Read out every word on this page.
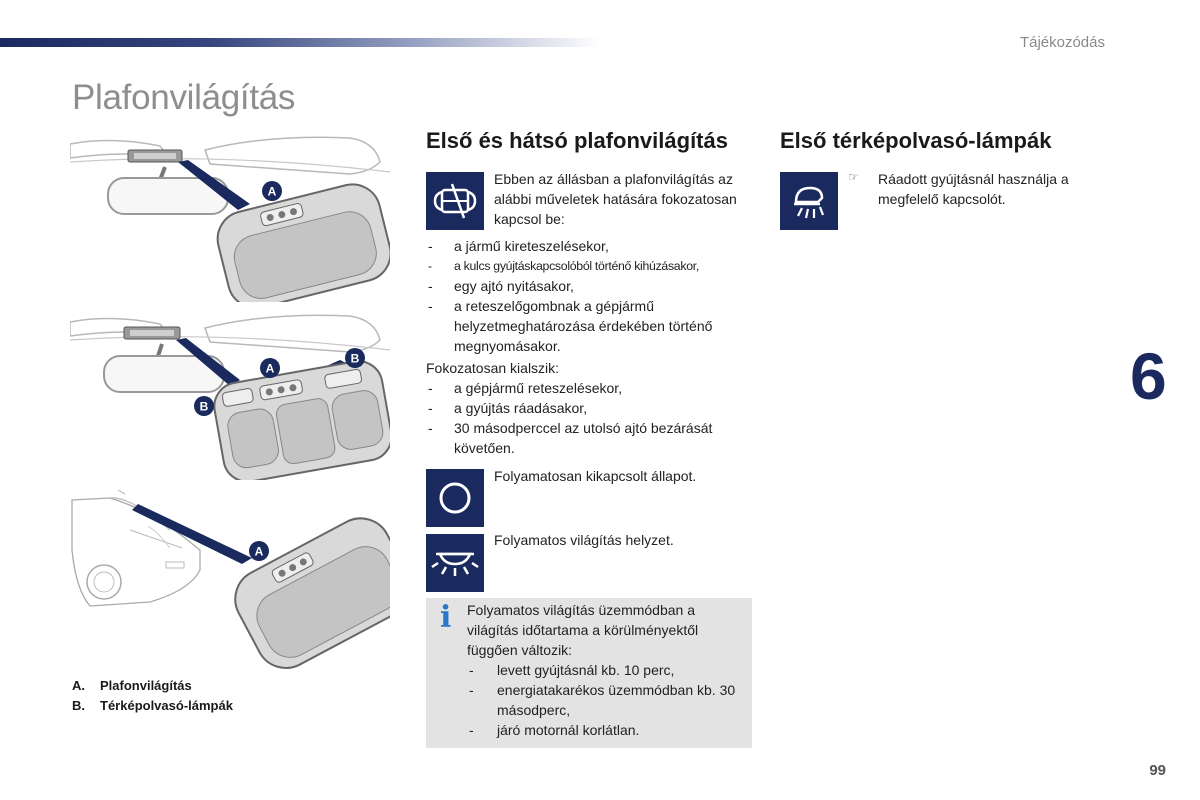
Tájékozódás
Plafonvilágítás
6
99
A
A
B
B
A
A. Plafonvilágítás
B. Térképolvasó-lámpák
Első és hátsó plafonvilágítás
Ebben az állásban a plafonvilágítás az alábbi műveletek hatására fokozatosan kapcsol be:
- a jármű kireteszelésekor,
- a kulcs gyújtáskapcsolóból történő kihúzásakor,
- egy ajtó nyitásakor,
- a reteszelőgombnak a gépjármű helyzetmeghatározása érdekében történő megnyomásakor.
Fokozatosan kialszik:
- a gépjármű reteszelésekor,
- a gyújtás ráadásakor,
- 30 másodperccel az utolsó ajtó bezárását követően.
Folyamatosan kikapcsolt állapot.
Folyamatos világítás helyzet.
i Folyamatos világítás üzemmódban a világítás időtartama a körülményektől függően változik:
- levett gyújtásnál kb. 10 perc,
- energiatakarékos üzemmódban kb. 30 másodperc,
- járó motornál korlátlan.
Első térképolvasó-lámpák
☞ Ráadott gyújtásnál használja a megfelelő kapcsolót.
